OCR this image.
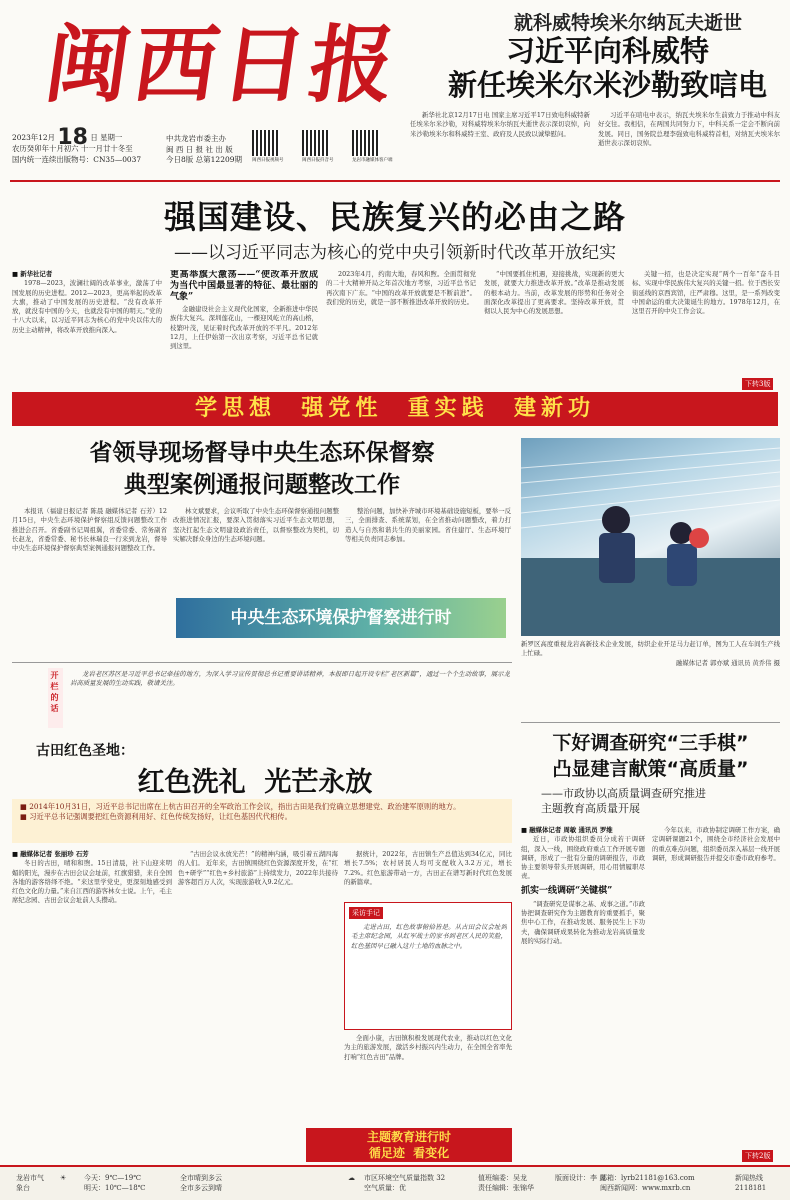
闽西日报
2023年12月 18 日 星期一
农历癸卯年十月初六 十一月廿十冬至
国内统一连续出版物号：CN35—0037
中共龙岩市委主办
闽 西 日 报 社 出 版
今日8版 总第12209期	闽西日报视频号	闽西日报抖音号	龙岩市融媒体客户端
就科威特埃米尔纳瓦夫逝世
习近平向科威特
新任埃米尔米沙勒致唁电

新华社北京12月17日电 国家主席习近平17日致电科威特新任埃米尔米沙勒，对科威特埃米尔纳瓦夫逝世表示深切哀悼，向米沙勒埃米尔和科威特王室、政府及人民致以诚挚慰问。

习近平在唁电中表示，纳瓦夫埃米尔生前致力于推动中科友好交往。我相信，在两国共同努力下，中科关系一定会不断向前发展。同日，国务院总理李强致电科威特首相，对纳瓦夫埃米尔逝世表示深切哀悼。

强国建设、民族复兴的必由之路
——以习近平同志为核心的党中央引领新时代改革开放纪实
■ 新华社记者

1978—2023，波澜壮阔的改革事业，激荡了中国发展的历史进程。2012—2023，更高举起的改革大旗，推动了中国发展的历史进程。“没有改革开放，就没有中国的今天，也就没有中国的明天。”党的十八大以来，以习近平同志为核心的党中央以伟大的历史主动精神，将改革开放推向深入。

更高举旗大激荡——“使改革开放成为当代中国最显著的特征、最壮丽的气象”

金融建设社会主义现代化国家，全新推进中华民族伟大复兴。深圳莲花山，一棵迎风屹立的高山榕，枝繁叶茂，见证着时代改革开放的不平凡。2012年12月，上任伊始第一次出京考察，习近平总书记就到这里。

2023年4月，约南大地，春风和煦。全面贯彻党的二十大精神开局之年首次地方考察，习近平总书记再次南下广东。“中国的改革开放就要是不断前进”。我们党的历史，就是一部不断推进改革开放的历史。

“中国要抓住机遇，迎接挑战，实现新的更大发展，就要大力推进改革开放。”改革是推动发展的根本动力。当前，改革发展的形势和任务对全面深化改革提出了更高要求。坚持改革开放，贯彻以人民为中心的发展思想。

关键一招，也是决定实现“两个一百年”奋斗目标、实现中华民族伟大复兴的关键一招。位于西长安街延线的京西宾馆，庄严肃穆。这里，是一系列改变中国命运的重大决策诞生的地方。1978年12月，在这里召开的中央工作会议。

下转3版
学思想  强党性  重实践  建新功
省领导现场督导中央生态环保督察
典型案例通报问题整改工作

本报讯（福建日报记者 陈晨 融媒体记者 石芳）12月15日，中央生态环境保护督察组反馈问题整改工作推进会召开。省委副书记周祖翼，省委常委、常务副省长赵龙，省委常委、秘书长林瑞良一行来到龙岩，督导中央生态环境保护督察典型案例通报问题整改工作。

林文斌要求，会议听取了中央生态环保督察通报问题整改推进情况汇报，要深入贯彻落实习近平生态文明思想，坚决扛起生态文明建设政治责任，以督察整改为契机，切实解决群众身边的生态环境问题。

整治问题，加快补齐城市环境基础设施短板，要举一反三，全面排查、系统谋划，在全省推动问题整改，着力打造人与自然和谐共生的美丽家园。省住建厅、生态环境厅等相关负责同志参加。

中央生态环境保护督察进行时
新罗区高度重视龙岩高新技术企业发展，纺织企业开足马力赶订单，图为工人在车间生产线上忙碌。
融媒体记者 郭亦斌 通讯员 黄乔伟 摄
开栏的话	龙岩老区苏区是习近平总书记牵挂的地方，为深入学习宣传贯彻总书记重要讲话精神，本报即日起开设专栏“老区新篇”，通过一个个生动故事，展示龙岩高质量发展的生动实践，敬请关注。

古田红色圣地：
红色洗礼  光芒永放
■ 2014年10月31日，习近平总书记出席在上杭古田召开的全军政治工作会议，指出古田是我们党确立思想建党、政治建军原则的地方。
■ 习近平总书记强调要把红色资源利用好、红色传统发扬好，让红色基因代代相传。
■ 融媒体记者 张丽珍 石芳

冬日的古田，晴和和煦。15日清晨，社下山迎来明媚的阳光，漫步在古田会议会址前，红旗猎猎，来自全国各地的游客络绎不绝。“来这里学党史，更深刻地感受到红色文化的力量。”来自江西的游客林女士说。上午，毛主席纪念园、古田会议会址前人头攒动。

“古田会议永放光芒！”的精神内涵，吸引着五湖四海的人们。 近年来，古田镇围绕红色资源深度开发，在“红色+研学”“红色+乡村旅游”上持续发力，2022年共接待游客超百万人次，实现旅游收入9.2亿元。

据统计，2022年，古田镇生产总值达到34亿元，同比增长7.5%；农村居民人均可支配收入3.2万元，增长7.2%。红色旅游带动一方，古田正在谱写新时代红色发展的新篇章。

采访手记

走进古田，红色故事俯拾皆是。从古田会议会址到毛主席纪念园，从红军战士的家书到老区人民的笑脸，红色基因早已融入这片土地的血脉之中。

全面小康，古田镇积极发展现代农业，推动以红色文化为主的旅游发展，激活乡村振兴内生动力，在全国全省率先打响“红色古田”品牌。

主题教育进行时
循足迹  看变化
下好调查研究“三手棋”
凸显建言献策“高质量”
——市政协以高质量调查研究推进
主题教育高质量开展
■ 融媒体记者 周敏 通讯员 罗维

近日，市政协组织委员分成若干调研组，深入一线，围绕政府重点工作开展专题调研，形成了一批有分量的调研报告，市政协主要领导带头开展调研，用心用情履职尽责。

抓实一线调研“关键棋”

“调查研究是谋事之基、成事之道。”市政协把调查研究作为主题教育的重要抓手，聚焦中心工作，在推动发展、服务民生上下功夫，确保调研成果转化为推动龙岩高质量发展的实际行动。

今年以来，市政协制定调研工作方案，确定调研课题21个，围绕全市经济社会发展中的重点难点问题，组织委员深入基层一线开展调研，形成调研报告并提交市委市政府参考。

下转2版
龙岩市气象台
☀	今天：9℃—19℃
明天：10℃—18℃
全市晴到多云
全市多云到晴
☁ 市区环境空气质量指数 32
空气质量：优
值班编委：吴龙
责任编辑：张锦华
版面设计：李 昱
邮箱：lyrb21181@163.com
闽西新闻网：www.mxrb.cn
新闻热线
2118181
